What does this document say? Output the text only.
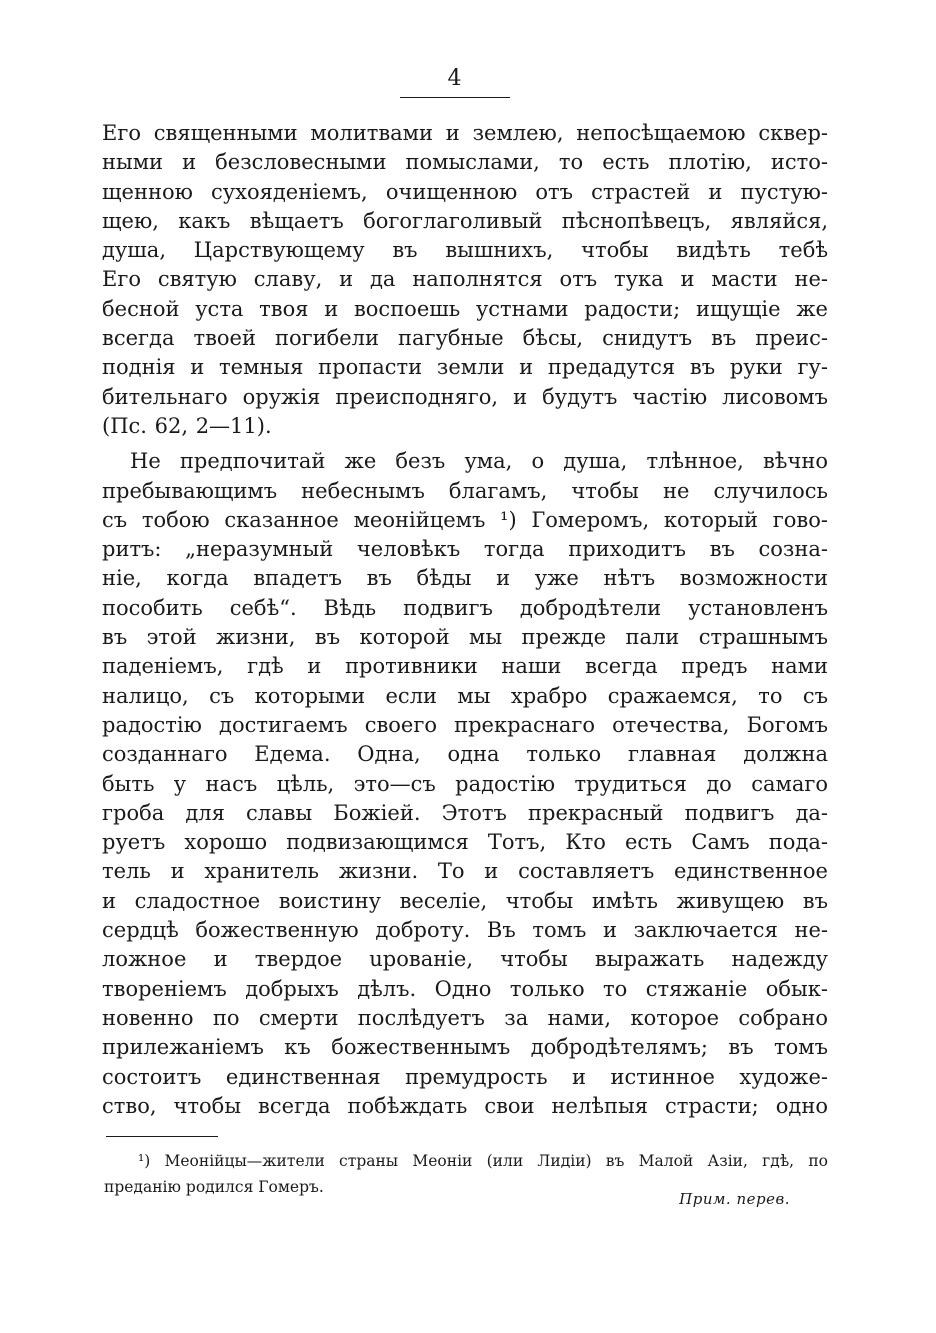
4
Его священными молитвами и землею, непосѣщаемою сквер-
ными и безсловесными помыслами, то есть плотію, исто-
щенною сухоядeніемъ, очищенною отъ страстей и пустую-
щею, какъ вѣщаетъ богоглаголивый пѣснопѣвецъ, являйся,
душа, Царствующему въ вышнихъ, чтобы видѣть тебѣ
Его святую славу, и да наполнятся отъ тука и масти не-
бесной уста твоя и воспоешь устнами радости; ищущіе же
всегда твоей погибели пагубные бѣсы, снидутъ въ преис-
поднія и темныя пропасти земли и предадутся въ руки гу-
бительнаго оружія преисподняго, и будутъ частію лисовомъ
(Пс. 62, 2—11).
Не предпочитай же безъ ума, о душа, тлѣнное, вѣчно
пребывающимъ небеснымъ благамъ, чтобы не случилось
съ тобою сказанное меонійцемъ ¹) Гомеромъ, который гово-
ритъ: „неразумный человѣкъ тогда приходитъ въ созна-
ніе, когда впадетъ въ бѣды и уже нѣтъ возможности
пособить себѣ“. Вѣдь подвигъ добродѣтели установленъ
въ этой жизни, въ которой мы прежде пали страшнымъ
паденіемъ, гдѣ и противники наши всегда предъ нами
налицо, съ которыми если мы храбро сражаемся, то съ
радостію достигаемъ своего прекраснаго отечества, Богомъ
созданнаго Едема. Одна, одна только главная должна
быть у насъ цѣль, это—съ радостію трудиться до самаго
гроба для славы Божіей. Этотъ прекрасный подвигъ да-
руетъ хорошо подвизающимся Тотъ, Кто есть Самъ пода-
тель и хранитель жизни. То и составляетъ единственное
и сладостное воистину веселіе, чтобы имѣть живущею въ
сердцѣ божественную доброту. Въ томъ и заключается не-
ложное и твердое upованіе, чтобы выражать надежду
твореніемъ добрыхъ дѣлъ. Одно только то стяжаніе обык-
новенно по смерти послѣдуетъ за нами, которое собрано
прилежаніемъ къ божественнымъ добродѣтелямъ; въ томъ
состоитъ единственная премудрость и истинное художе-
ство, чтобы всегда побѣждать свои нелѣпыя страсти; одно
¹) Меонійцы—жители страны Меоніи (или Лидіи) въ Малой Азіи, гдѣ, по
преданію родился Гомеръ.
Прим. перев.
